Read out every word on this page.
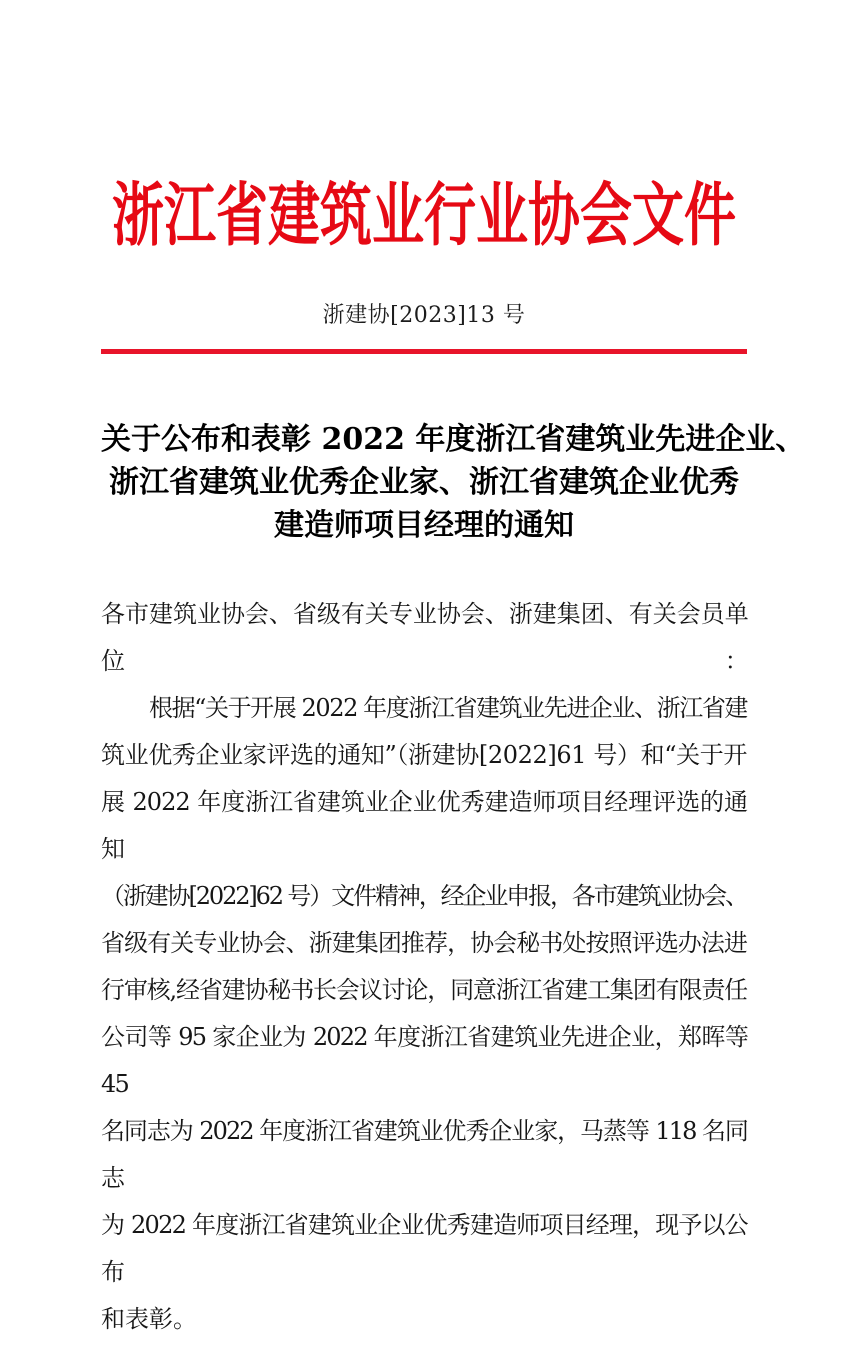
浙江省建筑业行业协会文件
浙建协[2023]13 号
关于公布和表彰 2022 年度浙江省建筑业先进企业、
浙江省建筑业优秀企业家、浙江省建筑企业优秀
建造师项目经理的通知
各市建筑业协会、省级有关专业协会、浙建集团、有关会员单位：
根据“关于开展 2022 年度浙江省建筑业先进企业、浙江省建
筑业优秀企业家评选的通知”（浙建协[2022]61 号）和“关于开
展 2022 年度浙江省建筑业企业优秀建造师项目经理评选的通知
（浙建协[2022]62 号）文件精神，经企业申报，各市建筑业协会、
省级有关专业协会、浙建集团推荐，协会秘书处按照评选办法进
行审核,经省建协秘书长会议讨论，同意浙江省建工集团有限责任
公司等 95 家企业为 2022 年度浙江省建筑业先进企业，郑晖等 45
名同志为 2022 年度浙江省建筑业优秀企业家，马蒸等 118 名同志
为 2022 年度浙江省建筑业企业优秀建造师项目经理，现予以公布
和表彰。
